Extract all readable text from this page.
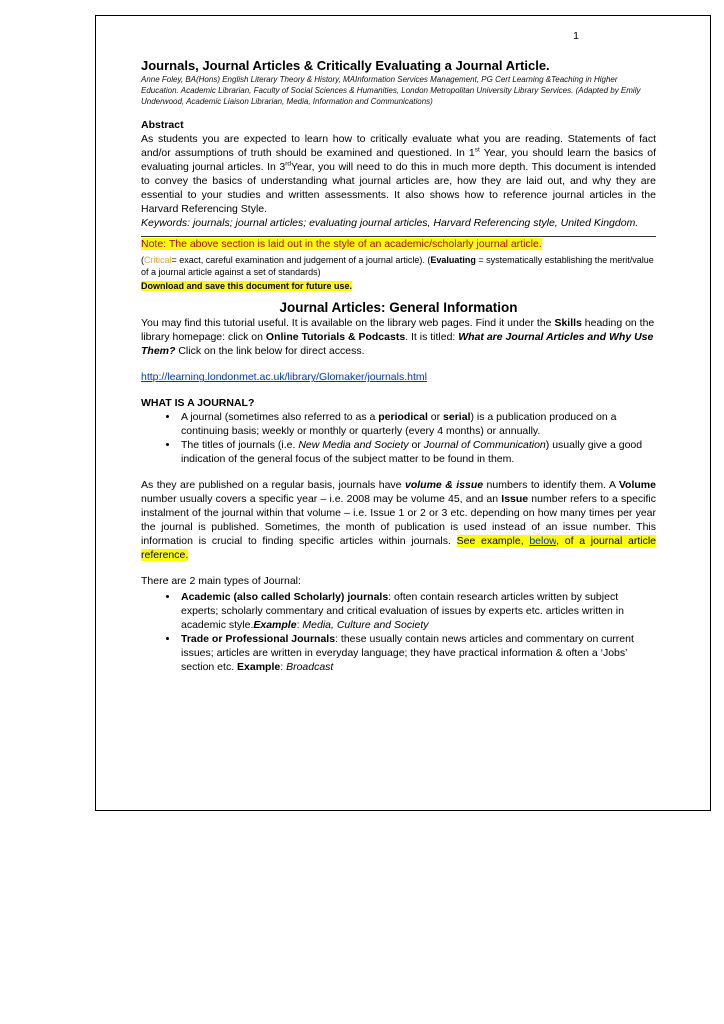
1
Journals, Journal Articles & Critically Evaluating a Journal Article.

Anne Foley, BA(Hons) English Literary Theory & History, MAInformation Services Management, PG Cert Learning &Teaching in Higher Education. Academic Librarian, Faculty of Social Sciences & Humanities, London Metropolitan University Library Services. (Adapted by Emily Underwood, Academic Liaison Librarian, Media, Information and Communications)

Abstract

As students you are expected to learn how to critically evaluate what you are reading. Statements of fact and/or assumptions of truth should be examined and questioned. In 1st Year, you should learn the basics of evaluating journal articles. In 3rdYear, you will need to do this in much more depth. This document is intended to convey the basics of understanding what journal articles are, how they are laid out, and why they are essential to your studies and written assessments. It also shows how to reference journal articles in the Harvard Referencing Style.

Keywords: journals; journal articles; evaluating journal articles, Harvard Referencing style, United Kingdom.

Note: The above section is laid out in the style of an academic/scholarly journal article.

(Critical= exact, careful examination and judgement of a journal article). (Evaluating = systematically establishing the merit/value of a journal article against a set of standards)

Download and save this document for future use.

Journal Articles: General Information

You may find this tutorial useful. It is available on the library web pages. Find it under the Skills heading on the library homepage: click on Online Tutorials & Podcasts. It is titled: What are Journal Articles and Why Use Them? Click on the link below for direct access.

http://learning.londonmet.ac.uk/library/Glomaker/journals.html

WHAT IS A JOURNAL?
• A journal (sometimes also referred to as a periodical or serial) is a publication produced on a continuing basis; weekly or monthly or quarterly (every 4 months) or annually.
• The titles of journals (i.e. New Media and Society or Journal of Communication) usually give a good indication of the general focus of the subject matter to be found in them.

As they are published on a regular basis, journals have volume & issue numbers to identify them. A Volume number usually covers a specific year – i.e. 2008 may be volume 45, and an Issue number refers to a specific instalment of the journal within that volume – i.e. Issue 1 or 2 or 3 etc. depending on how many times per year the journal is published. Sometimes, the month of publication is used instead of an issue number. This information is crucial to finding specific articles within journals. See example, below, of a journal article reference.

There are 2 main types of Journal:

• Academic (also called Scholarly) journals: often contain research articles written by subject experts; scholarly commentary and critical evaluation of issues by experts etc. articles written in academic style.Example: Media, Culture and Society
• Trade or Professional Journals: these usually contain news articles and commentary on current issues; articles are written in everyday language; they have practical information & often a ‘Jobs’ section etc. Example: Broadcast
